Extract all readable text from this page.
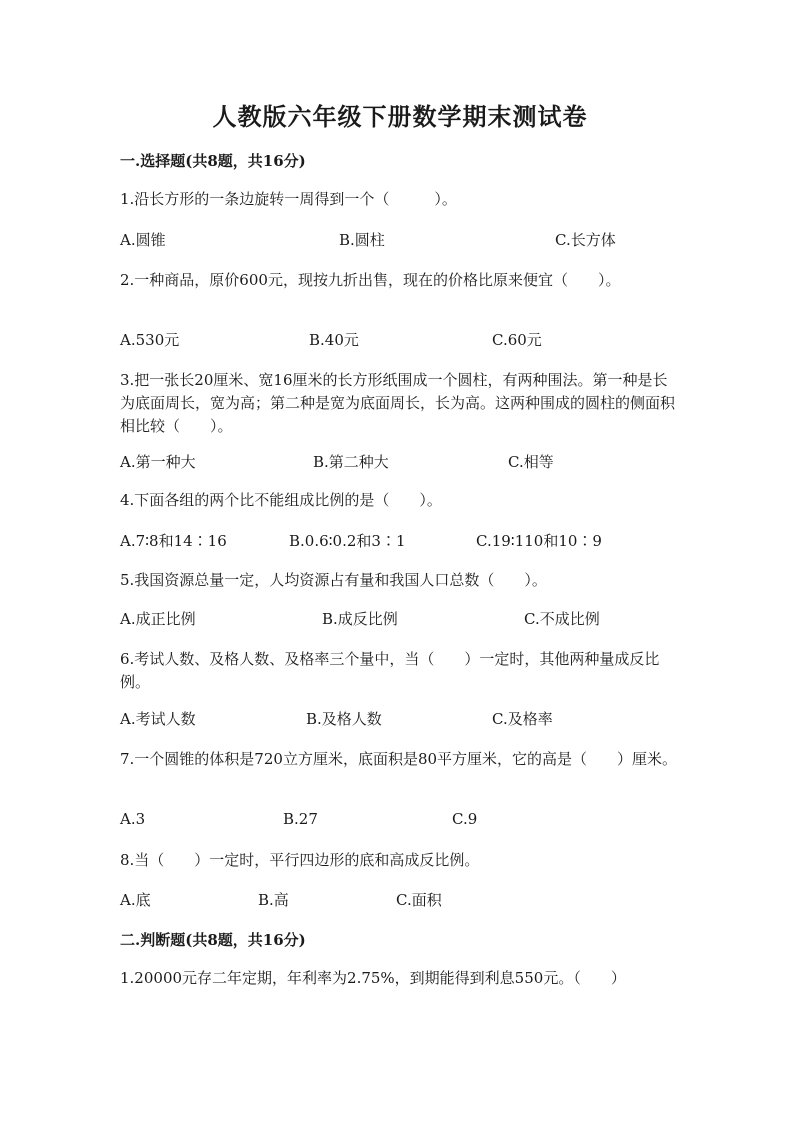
人教版六年级下册数学期末测试卷
一.选择题(共8题，共16分)
1.沿长方形的一条边旋转一周得到一个（　　　）。
A.圆锥	B.圆柱	C.长方体
2.一种商品，原价600元，现按九折出售，现在的价格比原来便宜（　　）。
A.530元	B.40元	C.60元
3.把一张长20厘米、宽16厘米的长方形纸围成一个圆柱，有两种围法。第一种是长为底面周长，宽为高；第二种是宽为底面周长，长为高。这两种围成的圆柱的侧面积相比较（　　）。
A.第一种大	B.第二种大	C.相等
4.下面各组的两个比不能组成比例的是（　　）。
A.7∶8和14∶16	B.0.6∶0.2和3∶1	C.19∶110和10∶9
5.我国资源总量一定，人均资源占有量和我国人口总数（　　）。
A.成正比例	B.成反比例	C.不成比例
6.考试人数、及格人数、及格率三个量中，当（　　）一定时，其他两种量成反比例。
A.考试人数	B.及格人数	C.及格率
7.一个圆锥的体积是720立方厘米，底面积是80平方厘米，它的高是（　　）厘米。
A.3	B.27	C.9
8.当（　　）一定时，平行四边形的底和高成反比例。
A.底	B.高	C.面积
二.判断题(共8题，共16分)
1.20000元存二年定期，年利率为2.75%，到期能得到利息550元。（　　）
